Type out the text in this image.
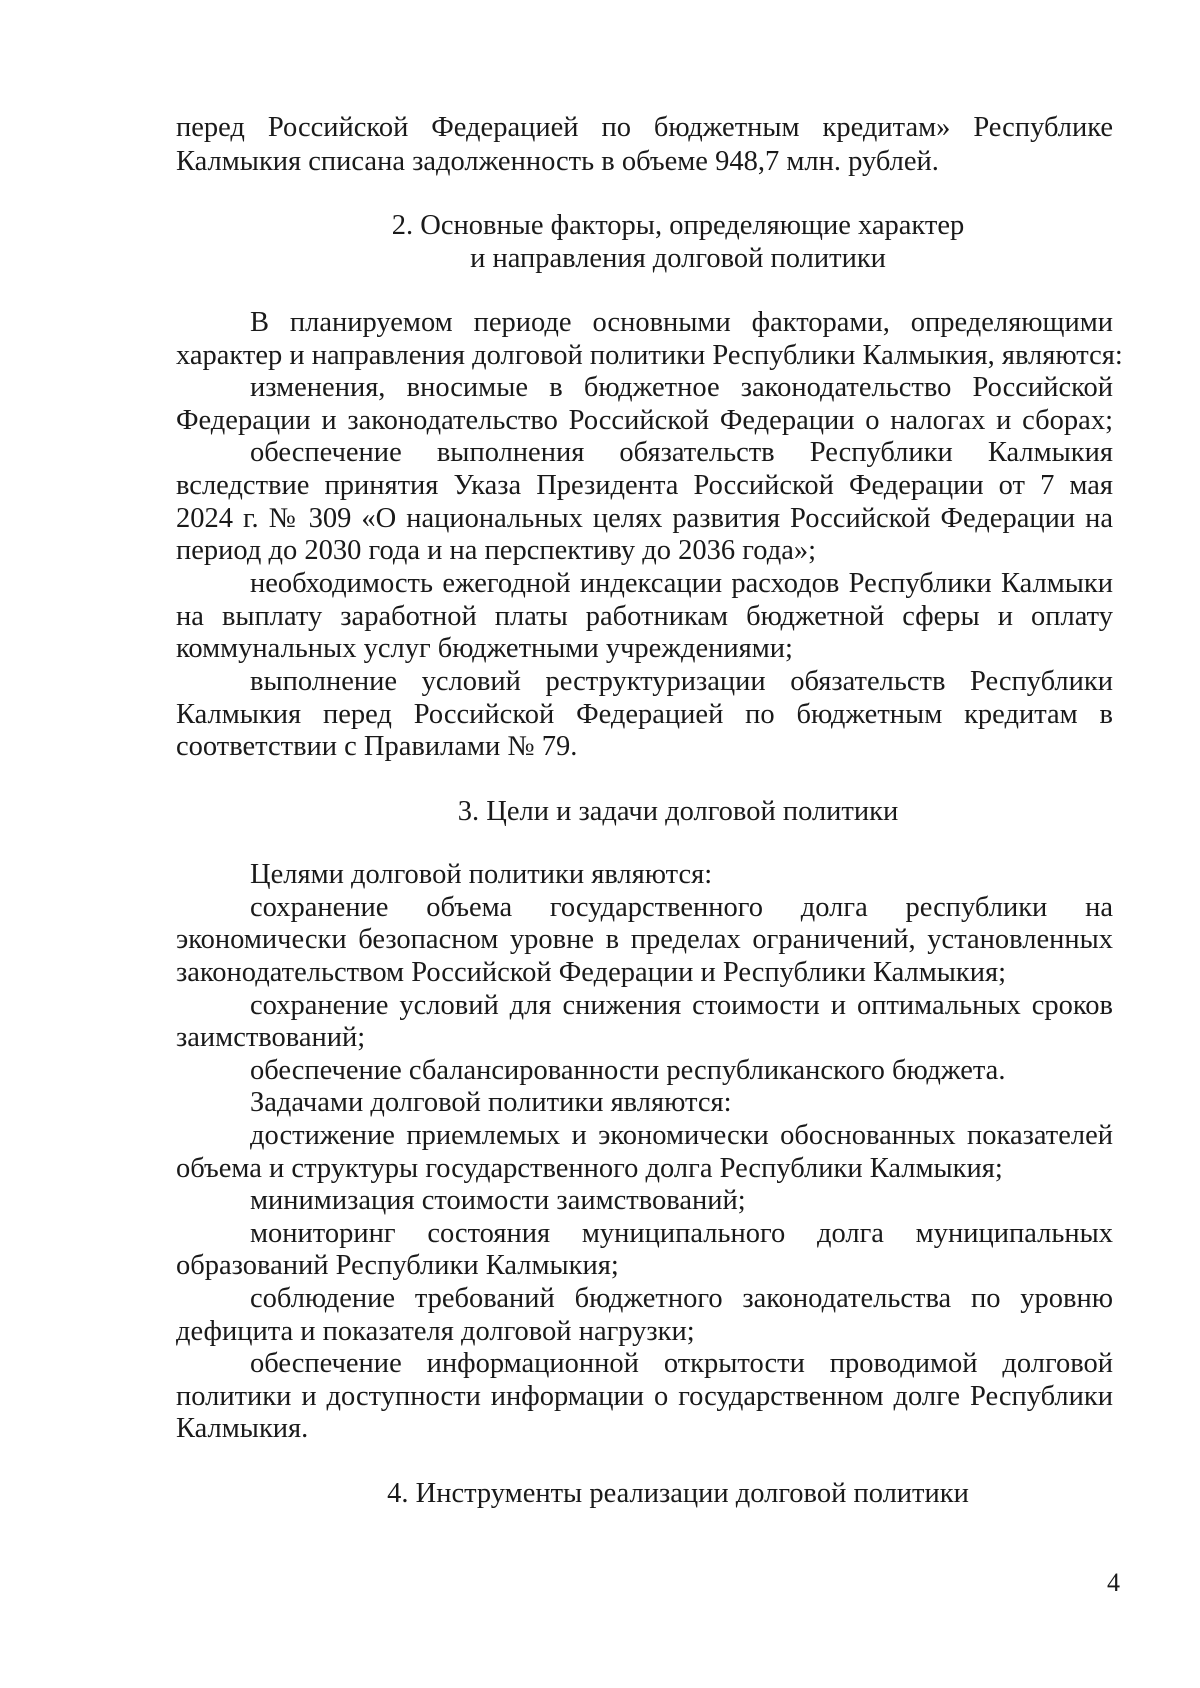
перед Российской Федерацией по бюджетным кредитам» Республике
Калмыкия списана задолженность в объеме 948,7 млн. рублей.
2. Основные факторы, определяющие характер
и направления долговой политики
В планируемом периоде основными факторами, определяющими
характер и направления долговой политики Республики Калмыкия, являются:
изменения, вносимые в бюджетное законодательство Российской
Федерации и законодательство Российской Федерации о налогах и сборах;
обеспечение выполнения обязательств Республики Калмыкия
вследствие принятия Указа Президента Российской Федерации от 7 мая
2024 г. № 309 «О национальных целях развития Российской Федерации на
период до 2030 года и на перспективу до 2036 года»;
необходимость ежегодной индексации расходов Республики Калмыки
на выплату заработной платы работникам бюджетной сферы и оплату
коммунальных услуг бюджетными учреждениями;
выполнение условий реструктуризации обязательств Республики
Калмыкия перед Российской Федерацией по бюджетным кредитам в
соответствии с Правилами № 79.
3. Цели и задачи долговой политики
Целями долговой политики являются:
сохранение объема государственного долга республики на
экономически безопасном уровне в пределах ограничений, установленных
законодательством Российской Федерации и Республики Калмыкия;
сохранение условий для снижения стоимости и оптимальных сроков
заимствований;
обеспечение сбалансированности республиканского бюджета.
Задачами долговой политики являются:
достижение приемлемых и экономически обоснованных показателей
объема и структуры государственного долга Республики Калмыкия;
минимизация стоимости заимствований;
мониторинг состояния муниципального долга муниципальных
образований Республики Калмыкия;
соблюдение требований бюджетного законодательства по уровню
дефицита и показателя долговой нагрузки;
обеспечение информационной открытости проводимой долговой
политики и доступности информации о государственном долге Республики
Калмыкия.
4. Инструменты реализации долговой политики
4
